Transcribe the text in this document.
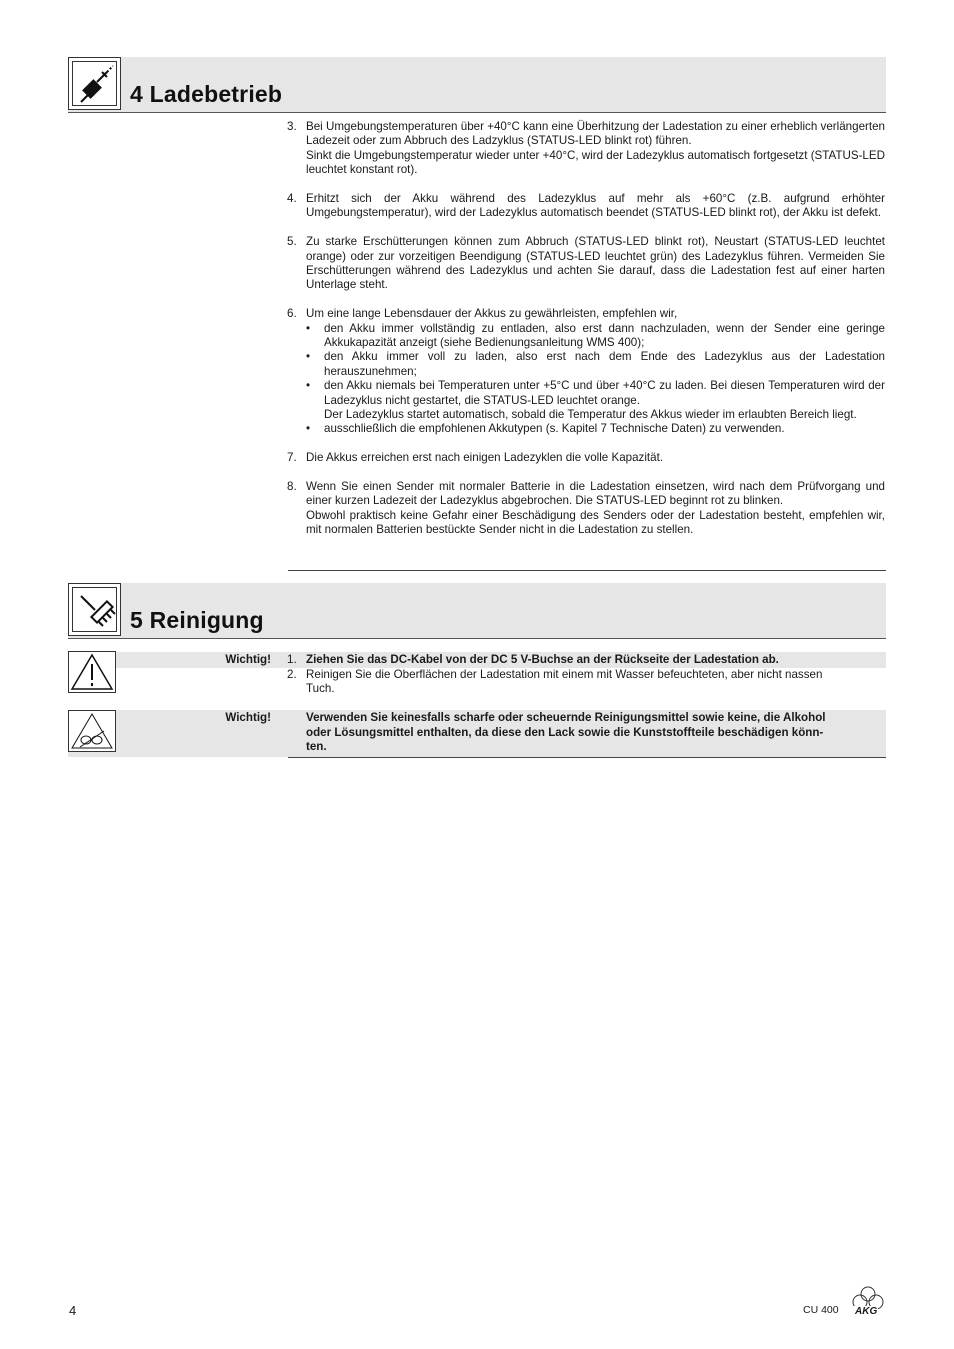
4 Ladebetrieb
3. Bei Umgebungstemperaturen über +40°C kann eine Überhitzung der Ladestation zu einer erheblich verlängerten Ladezeit oder zum Abbruch des Ladzyklus (STATUS-LED blinkt rot) führen.

Sinkt die Umgebungstemperatur wieder unter +40°C, wird der Ladezyklus automatisch fortgesetzt (STATUS-LED leuchtet konstant rot).

4. Erhitzt sich der Akku während des Ladezyklus auf mehr als +60°C (z.B. aufgrund erhöhter Umgebungstemperatur), wird der Ladezyklus automatisch beendet (STATUS-LED blinkt rot), der Akku ist defekt.

5. Zu starke Erschütterungen können zum Abbruch (STATUS-LED blinkt rot), Neustart (STATUS-LED leuchtet orange) oder zur vorzeitigen Beendigung (STATUS-LED leuchtet grün) des Ladezyklus führen. Vermeiden Sie Erschütterungen während des Ladezyklus und achten Sie darauf, dass die Ladestation fest auf einer harten Unterlage steht.

6. Um eine lange Lebensdauer der Akkus zu gewährleisten, empfehlen wir,

• den Akku immer vollständig zu entladen, also erst dann nachzuladen, wenn der Sender eine geringe Akkukapazität anzeigt (siehe Bedienungsanleitung WMS 400);
• den Akku immer voll zu laden, also erst nach dem Ende des Ladezyklus aus der Ladestation herauszunehmen;
• den Akku niemals bei Temperaturen unter +5°C und über +40°C zu laden. Bei diesen Temperaturen wird der Ladezyklus nicht gestartet, die STATUS-LED leuchtet orange.
Der Ladezyklus startet automatisch, sobald die Temperatur des Akkus wieder im erlaubten Bereich liegt.
• ausschließlich die empfohlenen Akkutypen (s. Kapitel 7 Technische Daten) zu verwenden.
7. Die Akkus erreichen erst nach einigen Ladezyklen die volle Kapazität.

8. Wenn Sie einen Sender mit normaler Batterie in die Ladestation einsetzen, wird nach dem Prüfvorgang und einer kurzen Ladezeit der Ladezyklus abgebrochen. Die STATUS-LED beginnt rot zu blinken.

Obwohl praktisch keine Gefahr einer Beschädigung des Senders oder der Ladestation besteht, empfehlen wir, mit normalen Batterien bestückte Sender nicht in die Ladestation zu stellen.

5 Reinigung
Wichtig! 1. Ziehen Sie das DC-Kabel von der DC 5 V-Buchse an der Rückseite der Ladestation ab.
2. Reinigen Sie die Oberflächen der Ladestation mit einem mit Wasser befeuchteten, aber nicht nassen
Tuch.
Wichtig!	Verwenden Sie keinesfalls scharfe oder scheuernde Reinigungsmittel sowie keine, die Alkohol
oder Lösungsmittel enthalten, da diese den Lack sowie die Kunststoffteile beschädigen könn-
ten.
4	CU 400 AKG
